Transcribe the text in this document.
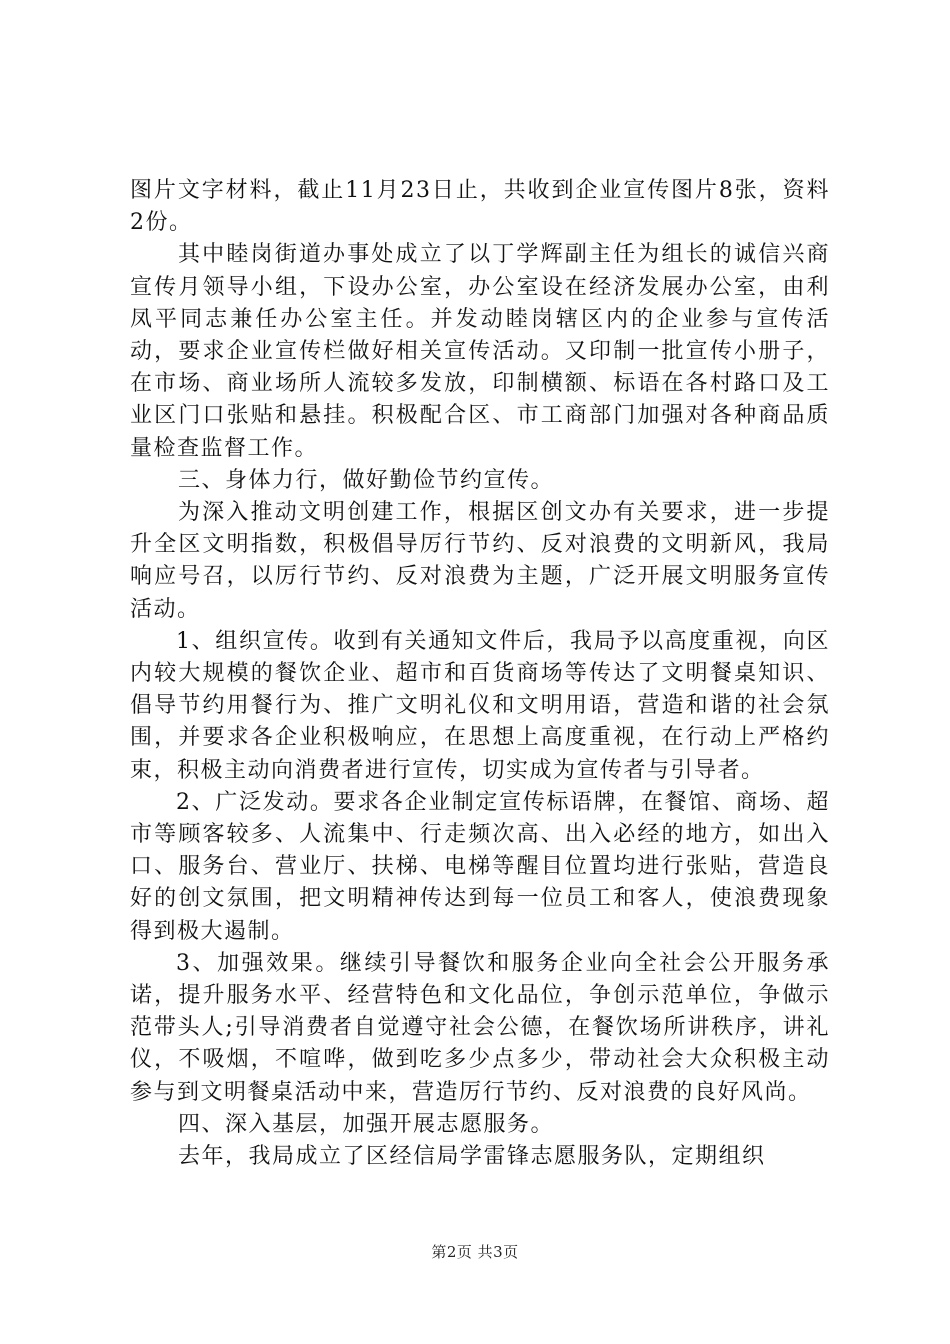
图片文字材料，截止11月23日止，共收到企业宣传图片8张，资料2份。

其中睦岗街道办事处成立了以丁学辉副主任为组长的诚信兴商宣传月领导小组，下设办公室，办公室设在经济发展办公室，由利凤平同志兼任办公室主任。并发动睦岗辖区内的企业参与宣传活动，要求企业宣传栏做好相关宣传活动。又印制一批宣传小册子，在市场、商业场所人流较多发放，印制横额、标语在各村路口及工业区门口张贴和悬挂。积极配合区、市工商部门加强对各种商品质量检查监督工作。

三、身体力行，做好勤俭节约宣传。

为深入推动文明创建工作，根据区创文办有关要求，进一步提升全区文明指数，积极倡导厉行节约、反对浪费的文明新风，我局响应号召，以厉行节约、反对浪费为主题，广泛开展文明服务宣传活动。

1、组织宣传。收到有关通知文件后，我局予以高度重视，向区内较大规模的餐饮企业、超市和百货商场等传达了文明餐桌知识、倡导节约用餐行为、推广文明礼仪和文明用语，营造和谐的社会氛围，并要求各企业积极响应，在思想上高度重视，在行动上严格约束，积极主动向消费者进行宣传，切实成为宣传者与引导者。

2、广泛发动。要求各企业制定宣传标语牌，在餐馆、商场、超市等顾客较多、人流集中、行走频次高、出入必经的地方，如出入口、服务台、营业厅、扶梯、电梯等醒目位置均进行张贴，营造良好的创文氛围，把文明精神传达到每一位员工和客人，使浪费现象得到极大遏制。

3、加强效果。继续引导餐饮和服务企业向全社会公开服务承诺，提升服务水平、经营特色和文化品位，争创示范单位，争做示范带头人;引导消费者自觉遵守社会公德，在餐饮场所讲秩序，讲礼仪，不吸烟，不喧哗，做到吃多少点多少，带动社会大众积极主动参与到文明餐桌活动中来，营造厉行节约、反对浪费的良好风尚。

四、深入基层，加强开展志愿服务。

去年，我局成立了区经信局学雷锋志愿服务队，定期组织

第2页 共3页
